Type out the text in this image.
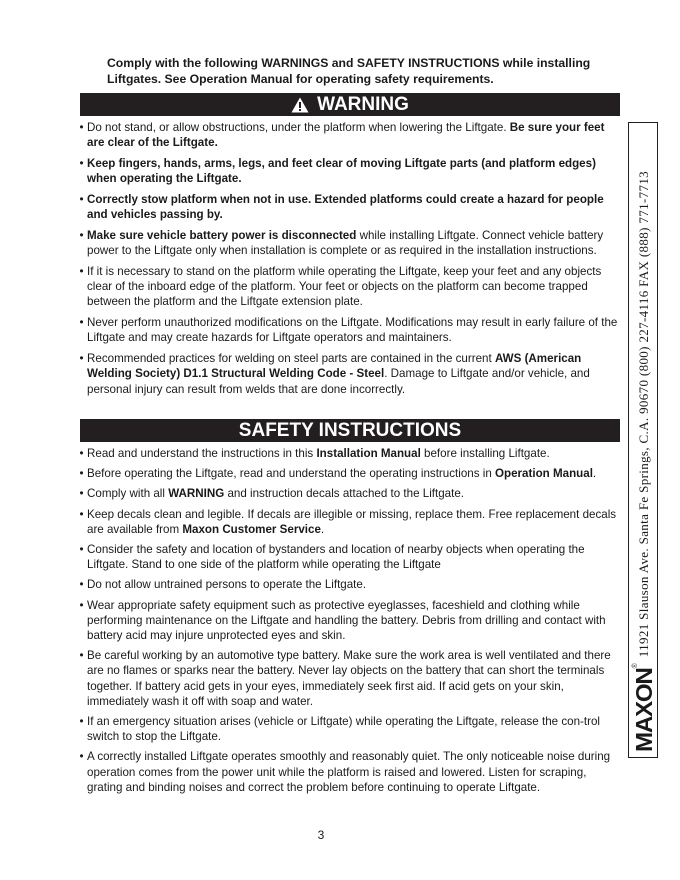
Comply with the following WARNINGS and SAFETY INSTRUCTIONS while installing Liftgates. See Operation Manual for operating safety requirements.
WARNING
• Do not stand, or allow obstructions, under the platform when lowering the Liftgate. Be sure your feet are clear of the Liftgate.
• Keep fingers, hands, arms, legs, and feet clear of moving Liftgate parts (and platform edges) when operating the Liftgate.
• Correctly stow platform when not in use. Extended platforms could create a hazard for people and vehicles passing by.
• Make sure vehicle battery power is disconnected while installing Liftgate. Connect vehicle battery power to the Liftgate only when installation is complete or as required in the installation instructions.
• If it is necessary to stand on the platform while operating the Liftgate, keep your feet and any objects clear of the inboard edge of the platform. Your feet or objects on the platform can become trapped between the platform and the Liftgate extension plate.
• Never perform unauthorized modifications on the Liftgate. Modifications may result in early failure of the Liftgate and may create hazards for Liftgate operators and maintainers.
• Recommended practices for welding on steel parts are contained in the current AWS (American Welding Society) D1.1 Structural Welding Code - Steel. Damage to Liftgate and/or vehicle, and personal injury can result from welds that are done incorrectly.
SAFETY INSTRUCTIONS
• Read and understand the instructions in this Installation Manual before installing Liftgate.
• Before operating the Liftgate, read and understand the operating instructions in Operation Manual.
• Comply with all WARNING and instruction decals attached to the Liftgate.
• Keep decals clean and legible. If decals are illegible or missing, replace them. Free replacement decals are available from Maxon Customer Service.
• Consider the safety and location of bystanders and location of nearby objects when operating the Liftgate. Stand to one side of the platform while operating the Liftgate
• Do not allow untrained persons to operate the Liftgate.
• Wear appropriate safety equipment such as protective eyeglasses, faceshield and clothing while performing maintenance on the Liftgate and handling the battery. Debris from drilling and contact with battery acid may injure unprotected eyes and skin.
• Be careful working by an automotive type battery. Make sure the work area is well ventilated and there are no flames or sparks near the battery. Never lay objects on the battery that can short the terminals together. If battery acid gets in your eyes, immediately seek first aid. If acid gets on your skin, immediately wash it off with soap and water.
• If an emergency situation arises (vehicle or Liftgate) while operating the Liftgate, release the con-trol switch to stop the Liftgate.
• A correctly installed Liftgate operates smoothly and reasonably quiet. The only noticeable noise during operation comes from the power unit while the platform is raised and lowered. Listen for scraping, grating and binding noises and correct the problem before continuing to operate Liftgate.
3
MAXON
®
11921 Slauson Ave. Santa Fe Springs, C.A. 90670 (800) 227-4116 FAX (888) 771-7713
